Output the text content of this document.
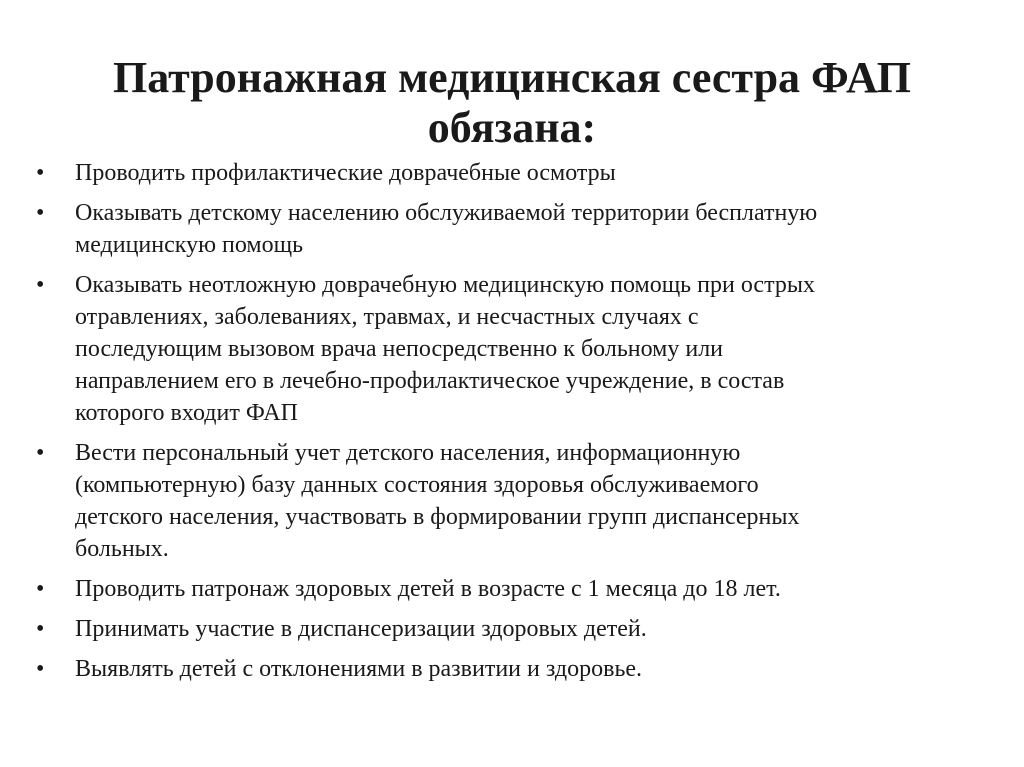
Патронажная медицинская сестра ФАП
обязана:
•	Проводить профилактические доврачебные осмотры
•	Оказывать детскому населению обслуживаемой территории бесплатную
медицинскую помощь
•	Оказывать неотложную доврачебную медицинскую помощь при острых
отравлениях, заболеваниях, травмах, и несчастных случаях с
последующим вызовом врача непосредственно к больному или
направлением его в лечебно-профилактическое учреждение, в состав
которого входит ФАП
•	Вести персональный учет детского населения, информационную
(компьютерную) базу данных состояния здоровья обслуживаемого
детского населения, участвовать в формировании групп диспансерных
больных.
•	Проводить патронаж здоровых детей в возрасте с 1 месяца до 18 лет.
•	Принимать участие в диспансеризации здоровых детей.
•	Выявлять детей с отклонениями в развитии и здоровье.
